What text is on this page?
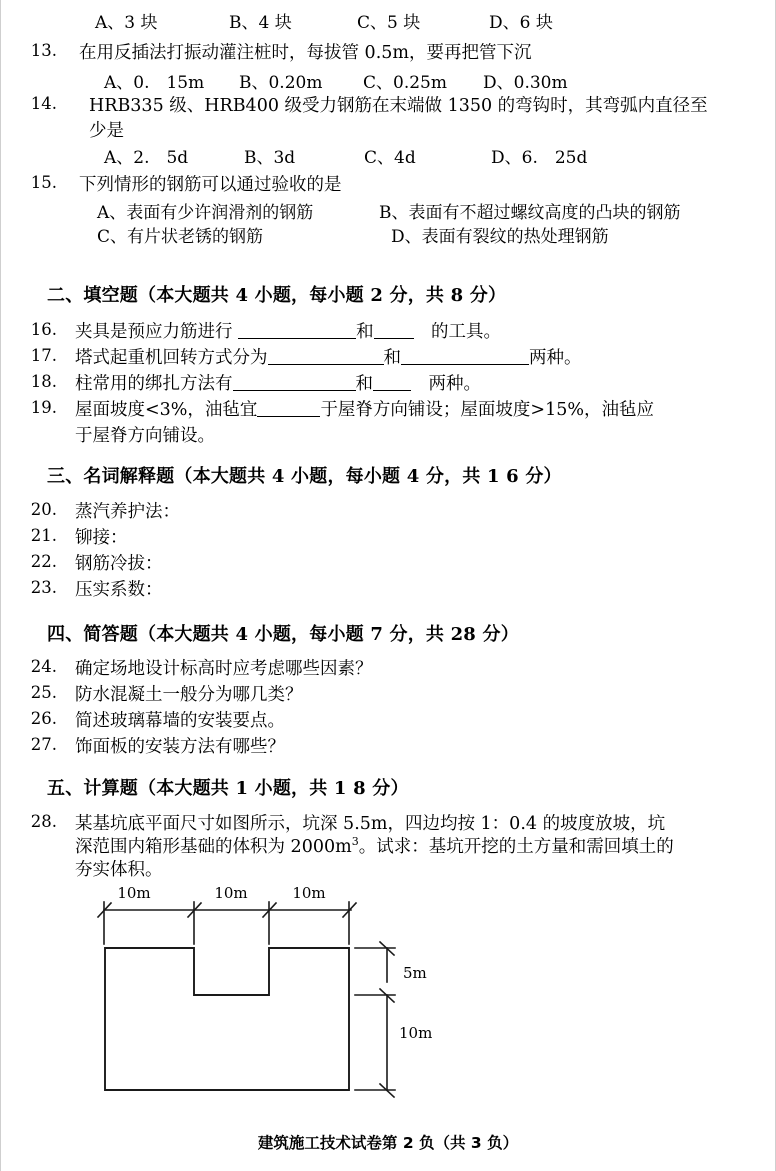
A、3 块	B、4 块	C、5 块	D、6 块
13. 在用反插法打振动灌注桩时，每拔管 0.5m，要再把管下沉
A、0.　15m B、0.20m C、0.25m D、0.30m
14. HRB335 级、HRB400 级受力钢筋在末端做 1350 的弯钩时，其弯弧内直径至
少是
A、2.　5d	B、3d	C、4d	D、6.　25d
15. 下列情形的钢筋可以通过验收的是
A、表面有少许润滑剂的钢筋	B、表面有不超过螺纹高度的凸块的钢筋
C、有片状老锈的钢筋	D、表面有裂纹的热处理钢筋
二、填空题（本大题共 4 小题，每小题 2 分，共 8 分）
16. 夹具是预应力筋进行	和　的工具。
17. 塔式起重机回转方式分为	和	两种。
18. 柱常用的绑扎方法有	和　两种。
19. 屋面坡度<3%，油毡宜	于屋脊方向铺设；屋面坡度>15%，油毡应
于屋脊方向铺设。
三、名词解释题（本大题共 4 小题，每小题 4 分，共 1 6 分）
20. 蒸汽养护法：
21. 铆接：
22. 钢筋冷拔：
23. 压实系数：
四、简答题（本大题共 4 小题，每小题 7 分，共 28 分）
24. 确定场地设计标高时应考虑哪些因素？
25. 防水混凝土一般分为哪几类？
26. 简述玻璃幕墙的安装要点。
27. 饰面板的安装方法有哪些？
五、计算题（本大题共 1 小题，共 1 8 分）
28. 某基坑底平面尺寸如图所示，坑深 5.5m，四边均按 1：0.4 的坡度放坡，坑
深范围内箱形基础的体积为 $2000m^3$。试求：基坑开挖的土方量和需回填土的
夯实体积。
10m	10m	10m
5m
10m
建筑施工技术试卷第 2 负（共 3 负）
